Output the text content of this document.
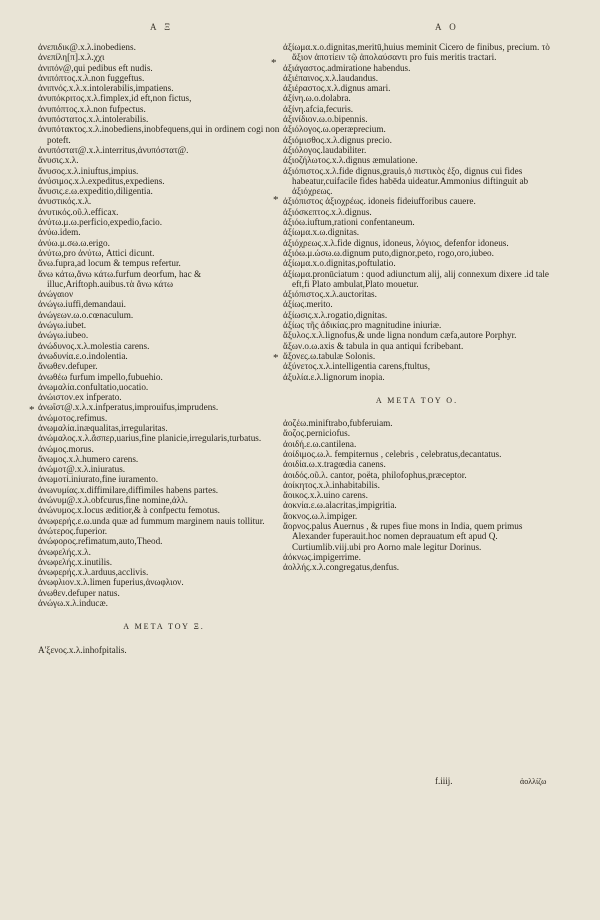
A Ξ	A O
*
*
*
*

ἀνεπιδικ@.x.λ.inobediens.

ἀνεπίλη[π].x.λ.χχι

ἀνιπόν@,qui pedibus eft nudis.

ἀνιπόπτος.x.λ.non fuggeftus.

ἀνιπνός.x.λ.x.intolerabilis,impatiens.

ἀνυπόκριτος.x.λ.fimplex,id eft,non fictus,

ἀνυπόπτος.x.λ.non fufpectus.

ἀνυπόστατος.x.λ.intolerabilis.

ἀνυπότακτος.x.λ.inobediens,inobfequens,qui in ordinem cogi non poteft.

ἀνυπόστατ@.x.λ.interritus,ἀνυπόστατ@.

ἄνυσις.x.λ.

ἄνυσος.x.λ.iniuftus,impius.

ἀνύσιμος.x.λ.expeditus,expediens.

ἄνυσις.ε.ω.expeditio,diligentia.

ἀνυστικός.x.λ.

ἀνυτικός.οῦ.λ.efficax.

ἀνύτω.μ.ω.perficio,expedio,facio.

ἀνύω.idem.

ἀνύω.μ.σω.ω.erigo.

ἀνύτω,pro ἀνύτω, Attici dicunt.

ἄνω.fupra,ad locum & tempus refertur.

ἄνω κάτω,ἄνω κάτω.furfum deorfum, hac & illuc,Ariftoph.auibus.τὰ ἄνω κάτω

ἀνώγαιον

ἀνώγω.iuffi,demandaui.

ἀνώγεων.ω.ο.cœnaculum.

ἀνώγω.iubet.

ἀνώγω.iubeo.

ἀνώδυνος.x.λ.molestia carens.

ἀνωδυνία.ε.ο.indolentia.

ἄνωθεν.defuper.

ἀνωθέω furfum impello,fubuehio.

ἀνωμαλία.confultatio,uocatio.

ἀνώιστον.ex infperato.

ἀνωΐστ@.x.λ.x.infperatus,improuifus,imprudens.

ἀνώμοτος.refimus.

ἀνωμαλία.inæqualitas,irregularitas.

ἀνώμαλος.x.λ.ἄσπερ,uarius,fine planicie,irregularis,turbatus.

ἀνώμος.morus.

ἄνωμος.x.λ.humero carens.

ἀνώμοτ@.x.λ.iniuratus.

ἀνωμοτί.iniurato,fine iuramento.

ἀνωνυμίας.x.diffimilare,diffimiles habens partes.

ἀνώνυμ@.x.λ.obfcurus,fine nomine,ἀλλ.

ἀνώνυμος.x.locus æditior,& à confpectu femotus.

ἀνωφερής.ε.ω.unda quæ ad fummum marginem nauis tollitur.

ἀνώτερος.fuperior.

ἀνώφορος.refimatum,auto,Theod.

ἀνωφελής.x.λ.

ἀνωφελής.x.inutilis.

ἀνωφερής.x.λ.arduus,acclivis.

ἀνωφλιον.x.λ.limen fuperius,ἀνωφλιον.

ἀνωθεν.defuper natus.

ἀνώγω.x.λ.inducæ.

Α ΜΕΤΑ ΤΟΥ Ξ.

Α'ξενος.x.λ.inhofpitalis.

ἀξίωμα.x.ο.dignitas,meritū,huius meminit Cicero de finibus, precium. τὸ ἄξιον ἀποτίειν τῷ ἀπολαύσαντι pro fuis meritis tractari.

ἀξιάγαστος.admiratione habendus.

ἀξιέπαινος.x.λ.laudandus.

ἀξιέραστος.x.λ.dignus amari.

ἀξίνη.ω.ο.dolabra.

ἀξίνη.afcia,fecuris.

ἀξινίδιον.ω.ο.bipennis.

ἀξιόλογος.ω.operæprecium.

ἀξιόμισθος.x.λ.dignus precio.

ἀξιόλογος.laudabiliter.

ἀξιοζήλωτος.x.λ.dignus æmulatione.

ἀξιόπιστος.x.λ.fide dignus,grauis,ὁ πιστικὸς ἐξο, dignus cui fides habeatur,cuifacile fides habēda uideatur.Ammonius diftinguit ab ἀξιόχρεως.

ἀξιόπιστος ἀξιοχρέως. idoneis fideiufforibus cauere.

ἀξιόσκεπτος.x.λ.dignus.

ἀξιόω.iuftum,rationi confentaneum.

ἀξίωμα.x.ω.dignitas.

ἀξιόχρεως.x.λ.fide dignus, idoneus, λόγιος, defenfor idoneus.

ἀξιόω.μ.ώσω.ω.dignum puto,dignor,peto, rogo,oro,iubeo.

ἀξίωμα.x.ο.dignitas,poftulatio.

ἀξίωμα.pronūciatum : quod adiunctum alij, alij connexum dixere .id tale eft,fi Plato ambulat,Plato mouetur.

ἀξιόπιστος.x.λ.auctoritas.

ἀξίως.merito.

ἀξίωσις.x.λ.rogatio,dignitas.

ἀξίως τῆς ἀδικίας.pro magnitudine iniuriæ.

ἄξυλος.x.λ.lignofus,& unde ligna nondum cæfa,autore Porphyr.

ἄξων.ο.ω.axis & tabula in qua antiqui fcribebant.

ἄξονες.ω.tabulæ Solonis.

ἀξύνετος.x.λ.intelligentia carens,ftultus,

ἀξυλία.ε.λ.lignorum inopia.

Α ΜΕΤΑ ΤΟΥ Ο.

ἀοζέω.miniftrabo,fubferuiam.

ἄοζος.perniciofus.

ἀοιδή.ε.ω.cantilena.

ἀοίδιμος.ω.λ. fempiternus , celebris , celebratus,decantatus.

ἀοιδία.ω.x.tragœdia canens.

ἀοιδός.οῦ.λ. cantor, poëta, philofophus,præceptor.

ἀοίκητος.x.λ.inhabitabilis.

ἄοικος.x.λ.uino carens.

ἀοκνία.ε.ω.alacritas,impigritia.

ἄοκνος.ω.λ.impiger.

ἄορνος.palus Auernus , & rupes fiue mons in India, quem primus Alexander fuperauit.hoc nomen deprauatum eft apud Q. Curtiumlib.viij.ubi pro Aorno male legitur Dorinus.

ἀόκνως.impigerrime.

ἀολλής.x.λ.congregatus,denfus.

f.iiij.	ἀολλίζω
